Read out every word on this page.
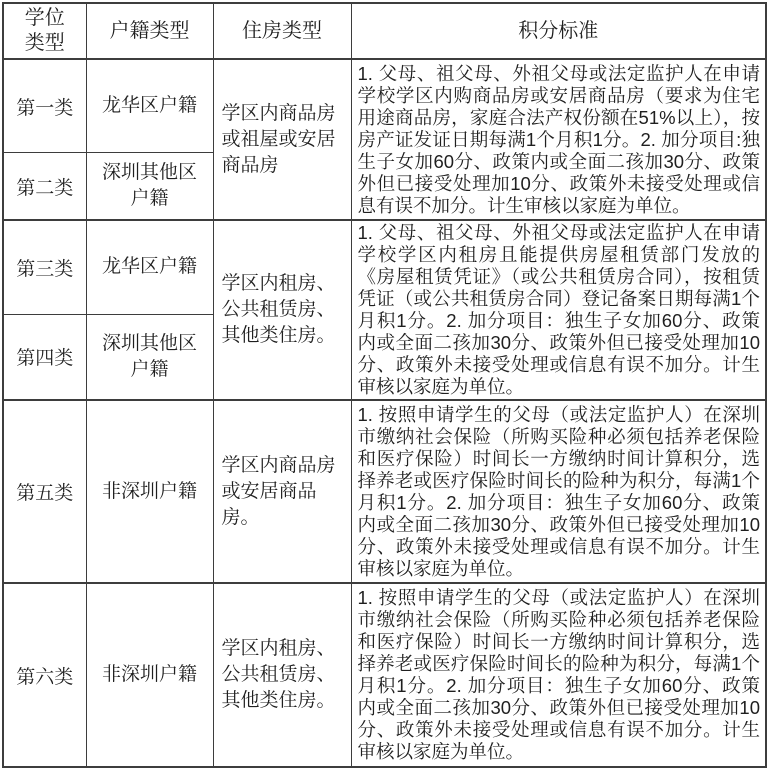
学位类型	户籍类型	住房类型	积分标准
第一类	龙华区户籍	学区内商品房或祖屋或安居商品房	1. 父母、祖父母、外祖父母或法定监护人在申请学校学区内购商品房或安居商品房（要求为住宅用途商品房，家庭合法产权份额在51%以上），按房产证发证日期每满1个月积1分。2. 加分项目:独生子女加60分、政策内或全面二孩加30分、政策外但已接受处理加10分、政策外未接受处理或信息有误不加分。计生审核以家庭为单位。
第二类	深圳其他区户籍		

第三类	龙华区户籍	学区内租房、公共租赁房、其他类住房。	1. 父母、祖父母、外祖父母或法定监护人在申请学校学区内租房且能提供房屋租赁部门发放的《房屋租赁凭证》（或公共租赁房合同），按租赁凭证（或公共租赁房合同）登记备案日期每满1个月积1分。2. 加分项目：独生子女加60分、政策内或全面二孩加30分、政策外但已接受处理加10分、政策外未接受处理或信息有误不加分。计生审核以家庭为单位。
第四类	深圳其他区户籍		

第五类	非深圳户籍	学区内商品房或安居商品房。	1. 按照申请学生的父母（或法定监护人）在深圳市缴纳社会保险（所购买险种必须包括养老保险和医疗保险）时间长一方缴纳时间计算积分，选择养老或医疗保险时间长的险种为积分，每满1个月积1分。2. 加分项目：独生子女加60分、政策内或全面二孩加30分、政策外但已接受处理加10分、政策外未接受处理或信息有误不加分。计生审核以家庭为单位。
第六类	非深圳户籍	学区内租房、公共租赁房、其他类住房。	1. 按照申请学生的父母（或法定监护人）在深圳市缴纳社会保险（所购买险种必须包括养老保险和医疗保险）时间长一方缴纳时间计算积分，选择养老或医疗保险时间长的险种为积分，每满1个月积1分。2. 加分项目：独生子女加60分、政策内或全面二孩加30分、政策外但已接受处理加10分、政策外未接受处理或信息有误不加分。计生审核以家庭为单位。
